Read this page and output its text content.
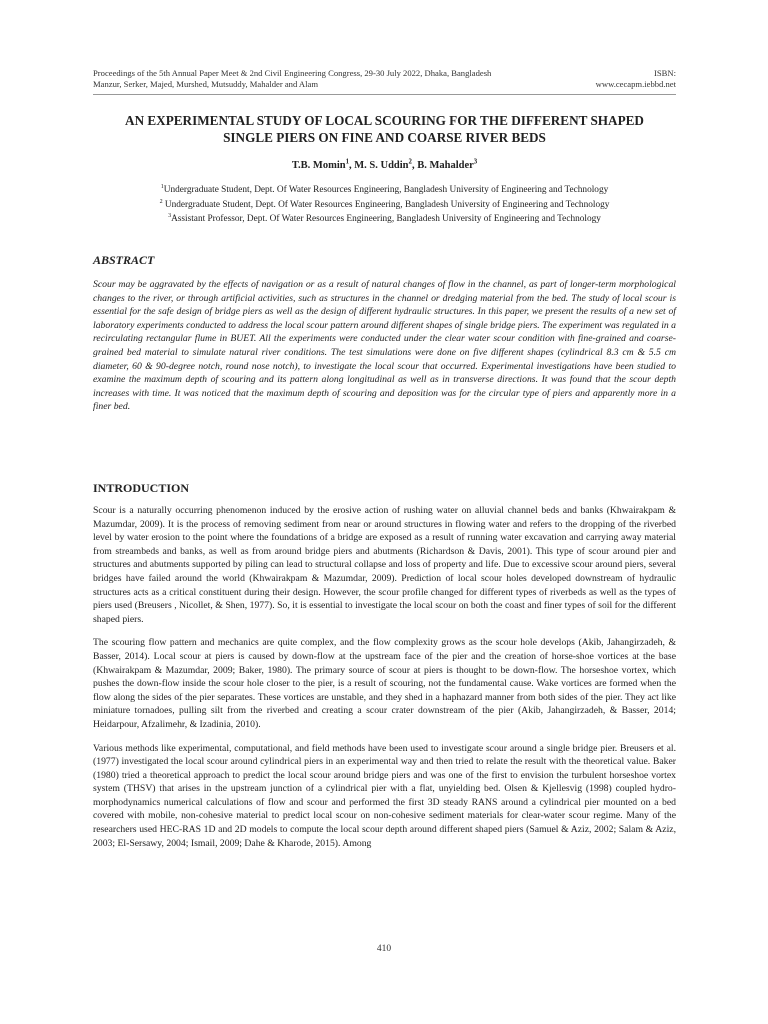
Proceedings of the 5th Annual Paper Meet & 2nd Civil Engineering Congress, 29-30 July 2022, Dhaka, Bangladesh	ISBN:
Manzur, Serker, Majed, Murshed, Mutsuddy, Mahalder and Alam	www.cecapm.iebbd.net
AN EXPERIMENTAL STUDY OF LOCAL SCOURING FOR THE DIFFERENT SHAPED
SINGLE PIERS ON FINE AND COARSE RIVER BEDS
T.B. Momin$^1$, M. S. Uddin$^2$, B. Mahalder$^3$
$^1$Undergraduate Student, Dept. Of Water Resources Engineering, Bangladesh University of Engineering and Technology
$^2$ Undergraduate Student, Dept. Of Water Resources Engineering, Bangladesh University of Engineering and Technology
$^3$Assistant Professor, Dept. Of Water Resources Engineering, Bangladesh University of Engineering and Technology
ABSTRACT
Scour may be aggravated by the effects of navigation or as a result of natural changes of flow in the channel, as part of longer-term morphological changes to the river, or through artificial activities, such as structures in the channel or dredging material from the bed. The study of local scour is essential for the safe design of bridge piers as well as the design of different hydraulic structures. In this paper, we present the results of a new set of laboratory experiments conducted to address the local scour pattern around different shapes of single bridge piers. The experiment was regulated in a recirculating rectangular flume in BUET. All the experiments were conducted under the clear water scour condition with fine-grained and coarse-grained bed material to simulate natural river conditions. The test simulations were done on five different shapes (cylindrical 8.3 cm & 5.5 cm diameter, 60 & 90-degree notch, round nose notch), to investigate the local scour that occurred. Experimental investigations have been studied to examine the maximum depth of scouring and its pattern along longitudinal as well as in transverse directions. It was found that the scour depth increases with time. It was noticed that the maximum depth of scouring and deposition was for the circular type of piers and apparently more in a finer bed.
INTRODUCTION

Scour is a naturally occurring phenomenon induced by the erosive action of rushing water on alluvial channel beds and banks (Khwairakpam & Mazumdar, 2009). It is the process of removing sediment from near or around structures in flowing water and refers to the dropping of the riverbed level by water erosion to the point where the foundations of a bridge are exposed as a result of running water excavation and carrying away material from streambeds and banks, as well as from around bridge piers and abutments (Richardson & Davis, 2001). This type of scour around pier and structures and abutments supported by piling can lead to structural collapse and loss of property and life. Due to excessive scour around piers, several bridges have failed around the world (Khwairakpam & Mazumdar, 2009). Prediction of local scour holes developed downstream of hydraulic structures acts as a critical constituent during their design. However, the scour profile changed for different types of riverbeds as well as the types of piers used (Breusers , Nicollet, & Shen, 1977). So, it is essential to investigate the local scour on both the coast and finer types of soil for the different shaped piers.

The scouring flow pattern and mechanics are quite complex, and the flow complexity grows as the scour hole develops (Akib, Jahangirzadeh, & Basser, 2014). Local scour at piers is caused by down-flow at the upstream face of the pier and the creation of horse-shoe vortices at the base (Khwairakpam & Mazumdar, 2009; Baker, 1980). The primary source of scour at piers is thought to be down-flow. The horseshoe vortex, which pushes the down-flow inside the scour hole closer to the pier, is a result of scouring, not the fundamental cause. Wake vortices are formed when the flow along the sides of the pier separates. These vortices are unstable, and they shed in a haphazard manner from both sides of the pier. They act like miniature tornadoes, pulling silt from the riverbed and creating a scour crater downstream of the pier (Akib, Jahangirzadeh, & Basser, 2014; Heidarpour, Afzalimehr, & Izadinia, 2010).

Various methods like experimental, computational, and field methods have been used to investigate scour around a single bridge pier. Breusers et al. (1977) investigated the local scour around cylindrical piers in an experimental way and then tried to relate the result with the theoretical value. Baker (1980) tried a theoretical approach to predict the local scour around bridge piers and was one of the first to envision the turbulent horseshoe vortex system (THSV) that arises in the upstream junction of a cylindrical pier with a flat, unyielding bed. Olsen & Kjellesvig (1998) coupled hydro-morphodynamics numerical calculations of flow and scour and performed the first 3D steady RANS around a cylindrical pier mounted on a bed covered with mobile, non-cohesive material to predict local scour on non-cohesive sediment materials for clear-water scour regime. Many of the researchers used HEC-RAS 1D and 2D models to compute the local scour depth around different shaped piers (Samuel & Aziz, 2002; Salam & Aziz, 2003; El-Sersawy, 2004; Ismail, 2009; Dahe & Kharode, 2015). Among

410
